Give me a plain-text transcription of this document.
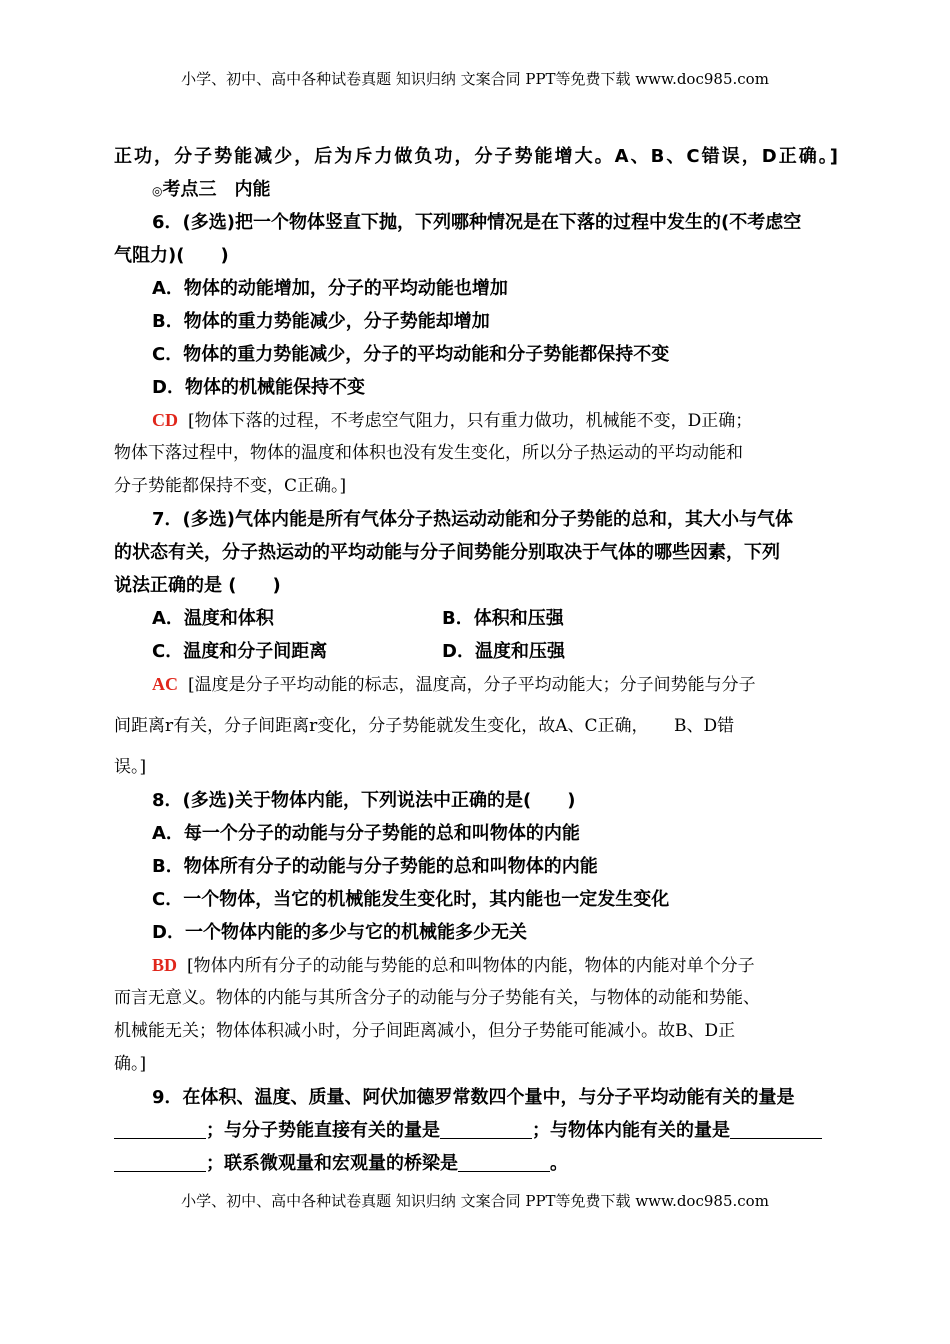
小学、初中、高中各种试卷真题 知识归纳 文案合同 PPT等免费下载 www.doc985.com
正功，分子势能减少，后为斥力做负功，分子势能增大。A、B、C错误，D正确。]
◎考点三　内能
6．(多选)把一个物体竖直下抛，下列哪种情况是在下落的过程中发生的(不考虑空
气阻力)(　　)
A．物体的动能增加，分子的平均动能也增加
B．物体的重力势能减少，分子势能却增加
C．物体的重力势能减少，分子的平均动能和分子势能都保持不变
D．物体的机械能保持不变
CD [物体下落的过程，不考虑空气阻力，只有重力做功，机械能不变，D正确；
物体下落过程中，物体的温度和体积也没有发生变化，所以分子热运动的平均动能和
分子势能都保持不变，C正确。]
7．(多选)气体内能是所有气体分子热运动动能和分子势能的总和，其大小与气体
的状态有关，分子热运动的平均动能与分子间势能分别取决于气体的哪些因素，下列
说法正确的是 (　　)
A．温度和体积	B．体积和压强
C．温度和分子间距离	D．温度和压强
AC [温度是分子平均动能的标志，温度高，分子平均动能大；分子间势能与分子
间距离r有关，分子间距离r变化，分子势能就发生变化，故A、C正确，　　B、D错
误。]
8．(多选)关于物体内能，下列说法中正确的是(　　)
A．每一个分子的动能与分子势能的总和叫物体的内能
B．物体所有分子的动能与分子势能的总和叫物体的内能
C．一个物体，当它的机械能发生变化时，其内能也一定发生变化
D．一个物体内能的多少与它的机械能多少无关
BD [物体内所有分子的动能与势能的总和叫物体的内能，物体的内能对单个分子
而言无意义。物体的内能与其所含分子的动能与分子势能有关，与物体的动能和势能、
机械能无关；物体体积减小时，分子间距离减小，但分子势能可能减小。故B、D正
确。]
9．在体积、温度、质量、阿伏加德罗常数四个量中，与分子平均动能有关的量是
；与分子势能直接有关的量是	；与物体内能有关的量是
；联系微观量和宏观量的桥梁是	。
小学、初中、高中各种试卷真题 知识归纳 文案合同 PPT等免费下载 www.doc985.com
